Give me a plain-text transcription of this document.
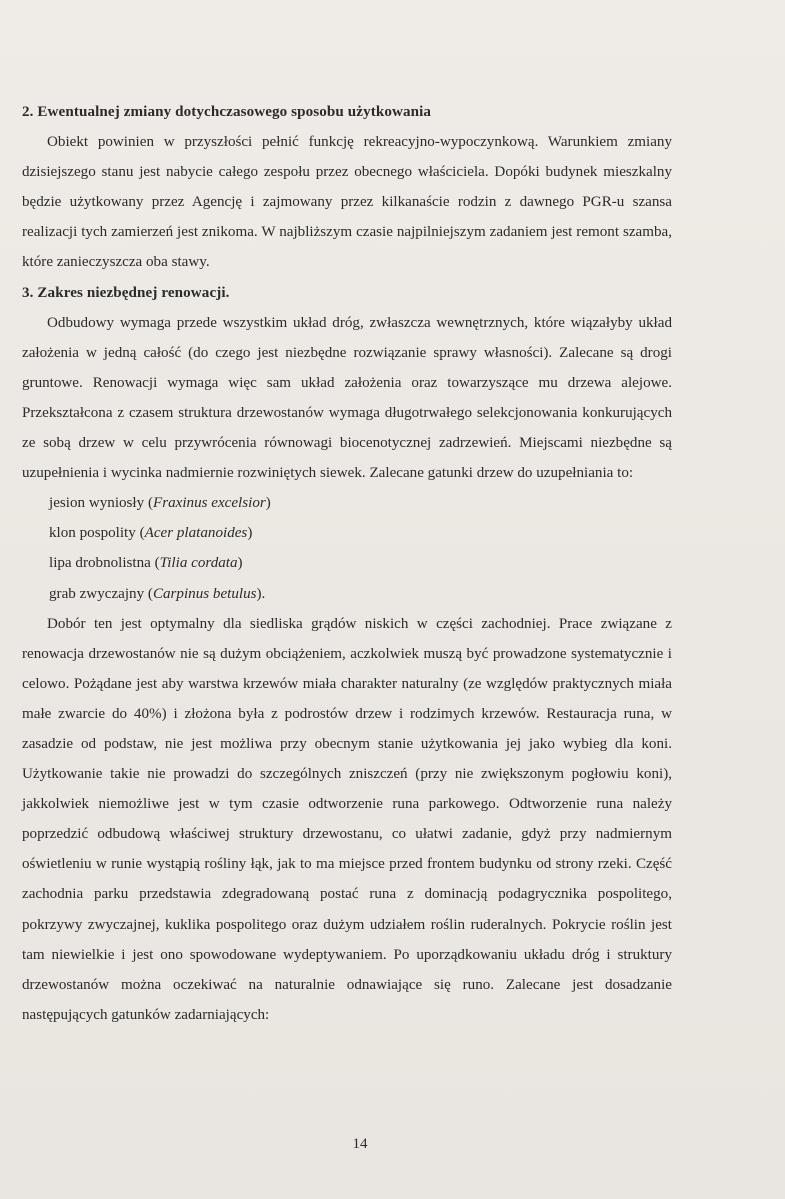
2. Ewentualnej zmiany dotychczasowego sposobu użytkowania

Obiekt powinien w przyszłości pełnić funkcję rekreacyjno-wypoczynkową. Warunkiem zmiany dzisiejszego stanu jest nabycie całego zespołu przez obecnego właściciela. Dopóki budynek mieszkalny będzie użytkowany przez Agencję i zajmowany przez kilkanaście rodzin z dawnego PGR-u szansa realizacji tych zamierzeń jest znikoma. W najbliższym czasie najpilniejszym zadaniem jest remont szamba, które zanieczyszcza oba stawy.

3. Zakres niezbędnej renowacji.

Odbudowy wymaga przede wszystkim układ dróg, zwłaszcza wewnętrznych, które wiązałyby układ założenia w jedną całość (do czego jest niezbędne rozwiązanie sprawy własności). Zalecane są drogi gruntowe. Renowacji wymaga więc sam układ założenia oraz towarzyszące mu drzewa alejowe. Przekształcona z czasem struktura drzewostanów wymaga długotrwałego selekcjonowania konkurujących ze sobą drzew w celu przywrócenia równowagi biocenotycznej zadrzewień. Miejscami niezbędne są uzupełnienia i wycinka nadmiernie rozwiniętych siewek. Zalecane gatunki drzew do uzupełniania to:

jesion wyniosły (Fraxinus excelsior)
klon pospolity (Acer platanoides)
lipa drobnolistna (Tilia cordata)
grab zwyczajny (Carpinus betulus).

Dobór ten jest optymalny dla siedliska grądów niskich w części zachodniej. Prace związane z renowacja drzewostanów nie są dużym obciążeniem, aczkolwiek muszą być prowadzone systematycznie i celowo. Pożądane jest aby warstwa krzewów miała charakter naturalny (ze względów praktycznych miała małe zwarcie do 40%) i złożona była z podrostów drzew i rodzimych krzewów. Restauracja runa, w zasadzie od podstaw, nie jest możliwa przy obecnym stanie użytkowania jej jako wybieg dla koni. Użytkowanie takie nie prowadzi do szczególnych zniszczeń (przy nie zwiększonym pogłowiu koni), jakkolwiek niemożliwe jest w tym czasie odtworzenie runa parkowego. Odtworzenie runa należy poprzedzić odbudową właściwej struktury drzewostanu, co ułatwi zadanie, gdyż przy nadmiernym oświetleniu w runie wystąpią rośliny łąk, jak to ma miejsce przed frontem budynku od strony rzeki. Część zachodnia parku przedstawia zdegradowaną postać runa z dominacją podagrycznika pospolitego, pokrzywy zwyczajnej, kuklika pospolitego oraz dużym udziałem roślin ruderalnych. Pokrycie roślin jest tam niewielkie i jest ono spowodowane wydeptywaniem. Po uporządkowaniu układu dróg i struktury drzewostanów można oczekiwać na naturalnie odnawiające się runo. Zalecane jest dosadzanie następujących gatunków zadarniających:

14
